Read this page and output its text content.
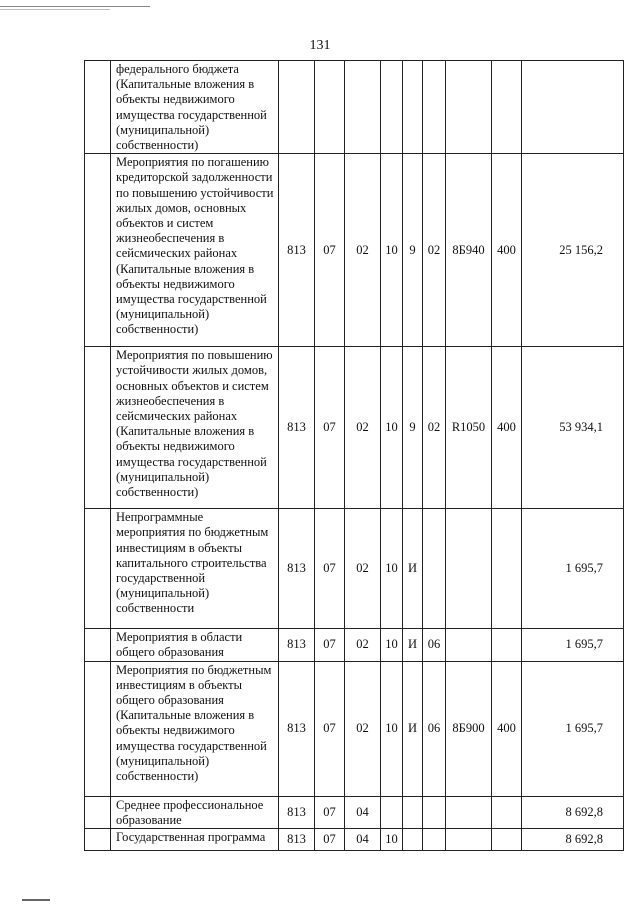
131
	федерального бюджета (Капитальные вложения в объекты недвижимого имущества государственной (муниципальной) собственности)									
	Мероприятия по погашению кредиторской задолженности по повышению устойчивости жилых домов, основных объектов и систем жизнеобеспечения в сейсмических районах (Капитальные вложения в объекты недвижимого имущества государственной (муниципальной) собственности)	813	07	02	10	9	02	8Б940	400	25 156,2
	Мероприятия по повышению устойчивости жилых домов, основных объектов и систем жизнеобеспечения в сейсмических районах (Капитальные вложения в объекты недвижимого имущества государственной (муниципальной) собственности)	813	07	02	10	9	02	R1050	400	53 934,1
	Непрограммные мероприятия по бюджетным инвестициям в объекты капитального строительства государственной (муниципальной) собственности	813	07	02	10	И				1 695,7
	Мероприятия в области общего образования	813	07	02	10	И	06			1 695,7
	Мероприятия по бюджетным инвестициям в объекты общего образования (Капитальные вложения в объекты недвижимого имущества государственной (муниципальной) собственности)	813	07	02	10	И	06	8Б900	400	1 695,7
	Среднее профессиональное образование	813	07	04						8 692,8
	Государственная программа	813	07	04	10					8 692,8
